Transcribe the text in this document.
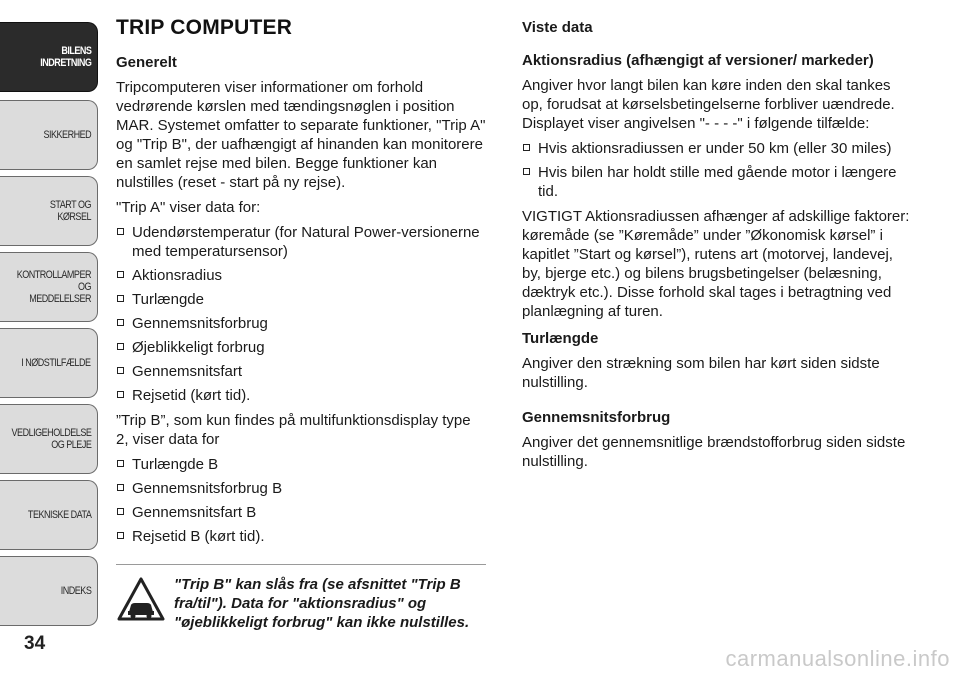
BILENS
INDRETNING
SIKKERHED
START OG KØRSEL
KONTROLLAMPER
OG MEDDELELSER
I NØDSTILFÆLDE
VEDLIGEHOLDELSE
OG PLEJE
TEKNISKE DATA
INDEKS
34
TRIP COMPUTER
Generelt
Tripcomputeren viser informationer om forhold vedrørende kørslen med tændingsnøglen i position MAR. Systemet omfatter to separate funktioner, "Trip A" og "Trip B", der uafhængigt af hinanden kan monitorere en samlet rejse med bilen. Begge funktioner kan nulstilles (reset - start på ny rejse).
"Trip A" viser data for:
Udendørstemperatur (for Natural Power-versionerne med temperatursensor)
Aktionsradius
Turlængde
Gennemsnitsforbrug
Øjeblikkeligt forbrug
Gennemsnitsfart
Rejsetid (kørt tid).
”Trip B”, som kun findes på multifunktionsdisplay type 2, viser data for
Turlængde B
Gennemsnitsforbrug B
Gennemsnitsfart B
Rejsetid B (kørt tid).
"Trip B" kan slås fra (se afsnittet "Trip B fra/til"). Data for "aktionsradius" og "øjeblikkeligt forbrug" kan ikke nulstilles.
Viste data
Aktionsradius (afhængigt af versioner/ markeder)
Angiver hvor langt bilen kan køre inden den skal tankes op, forudsat at kørselsbetingelserne forbliver uændrede. Displayet viser angivelsen "- - - -" i følgende tilfælde:
Hvis aktionsradiussen er under 50 km (eller 30 miles)
Hvis bilen har holdt stille med gående motor i længere tid.
VIGTIGT Aktionsradiussen afhænger af adskillige faktorer: køremåde (se ”Køremåde” under ”Økonomisk kørsel” i kapitlet ”Start og kørsel”), rutens art (motorvej, landevej, by, bjerge etc.) og bilens brugsbetingelser (belæsning, dæktryk etc.). Disse forhold skal tages i betragtning ved planlægning af turen.
Turlængde
Angiver den strækning som bilen har kørt siden sidste nulstilling.
Gennemsnitsforbrug
Angiver det gennemsnitlige brændstofforbrug siden sidste nulstilling.
carmanualsonline.info
